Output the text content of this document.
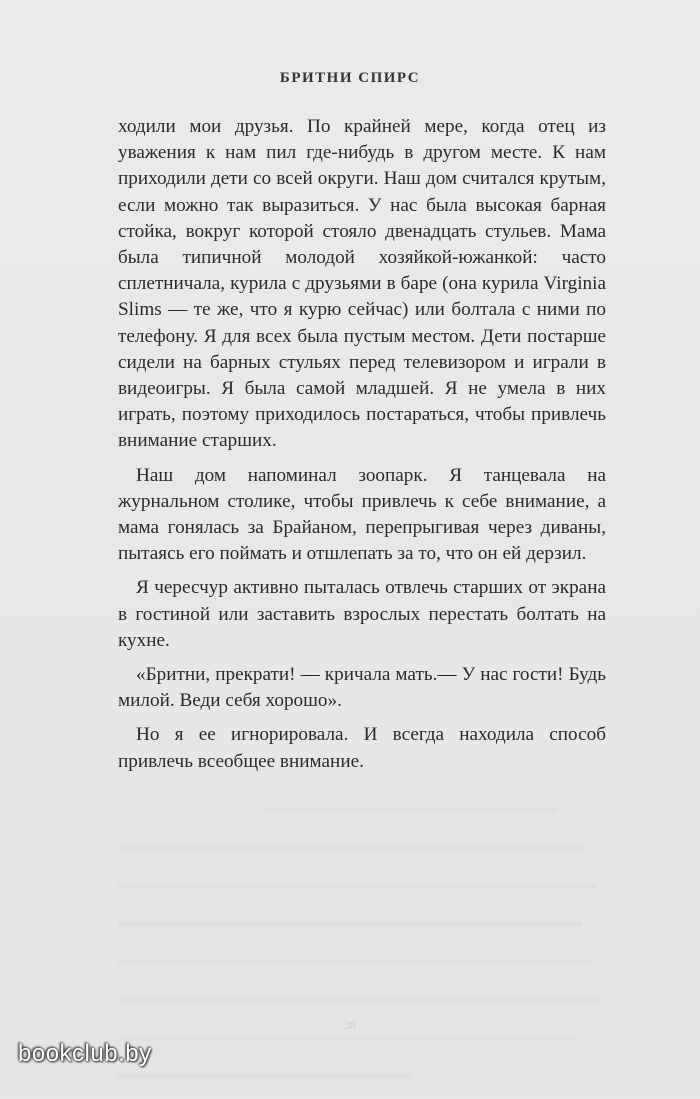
БРИТНИ СПИРС

ходили мои друзья. По крайней мере, когда отец из уважения к нам пил где-нибудь в другом месте. К нам приходили дети со всей округи. Наш дом считался крутым, если можно так выразиться. У нас была высокая барная стойка, вокруг которой стояло двенадцать стульев. Мама была типичной молодой хозяйкой-южанкой: часто сплетничала, курила с друзьями в баре (она курила Virginia Slims — те же, что я курю сейчас) или болтала с ними по телефону. Я для всех была пустым местом. Дети постарше сидели на барных стульях перед телевизором и играли в видеоигры. Я была самой младшей. Я не умела в них играть, поэтому приходилось постараться, чтобы привлечь внимание старших.

Наш дом напоминал зоопарк. Я танцевала на журнальном столике, чтобы привлечь к себе внимание, а мама гонялась за Брайаном, перепрыгивая через диваны, пытаясь его поймать и отшлепать за то, что он ей дерзил.

Я чересчур активно пыталась отвлечь старших от экрана в гостиной или заставить взрослых перестать болтать на кухне.

«Бритни, прекрати! — кричала мать.— У нас гости! Будь милой. Веди себя хорошо».

Но я ее игнорировала. И всегда находила способ привлечь всеобщее внимание.

38
bookclub.by
